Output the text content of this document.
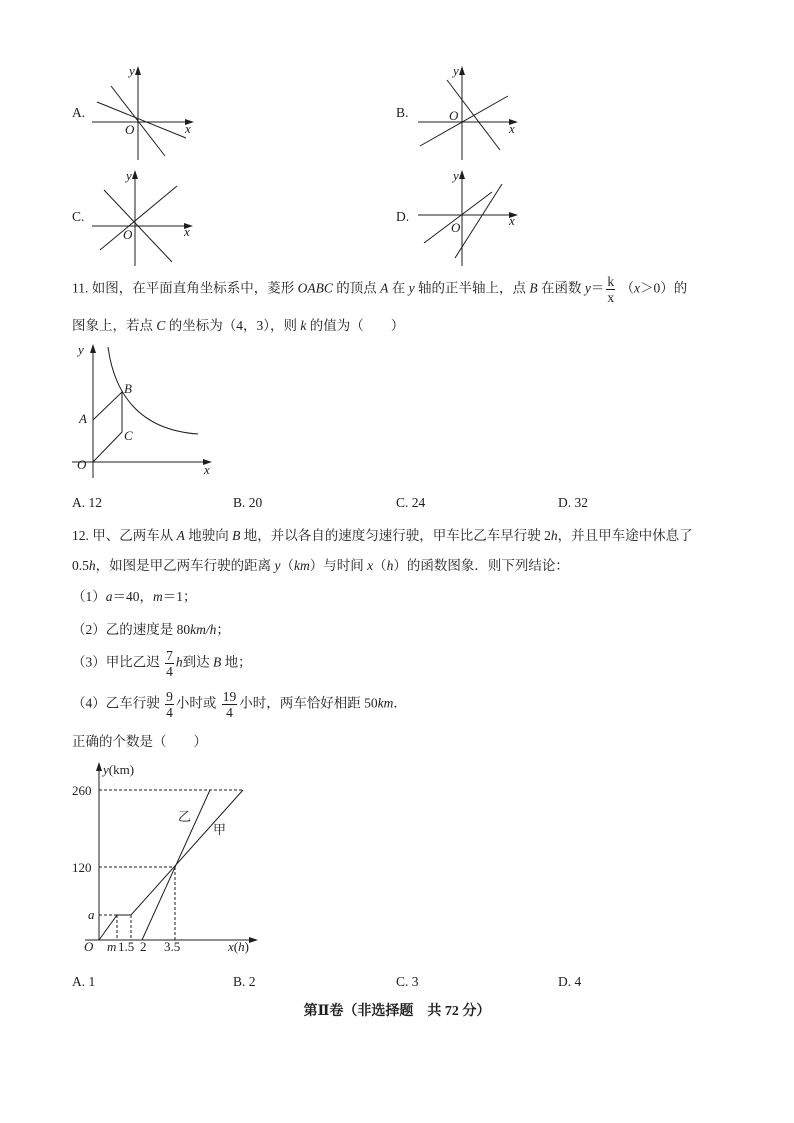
A.
y
O	x
B.
y
O
x
C.
y
O	x
D.
y
O	x
11. 如图，在平面直角坐标系中，菱形 OABC 的顶点 A 在 y 轴的正半轴上，点 B 在函数 $y= \frac{k}{x} (x>0)$的
图象上，若点 C 的坐标为（4，3），则 k 的值为（　　）
y
x
O
A
B
C
A. 12	B. 20	C. 24	D. 32
12. 甲、乙两车从 A 地驶向 B 地，并以各自的速度匀速行驶，甲车比乙车早行驶 2h，并且甲车途中休息了
0.5h，如图是甲乙两车行驶的距离 y（km）与时间 x（h）的函数图象．则下列结论：
（1）a＝40，m＝1；
（2）乙的速度是 80km/h；
（3）甲比乙迟 $\frac{7}{4}$ h到达 B 地；
（4）乙车行驶 $\frac{9}{4}$ 小时或 $\frac{19}{4}$ 小时，两车恰好相距 50km．
正确的个数是（　　）
y(km)
260
120
a
O m 1.5 2 3.5	x(h)
乙
甲
A. 1	B. 2	C. 3	D. 4
第Ⅱ卷（非选择题　共 72 分）
